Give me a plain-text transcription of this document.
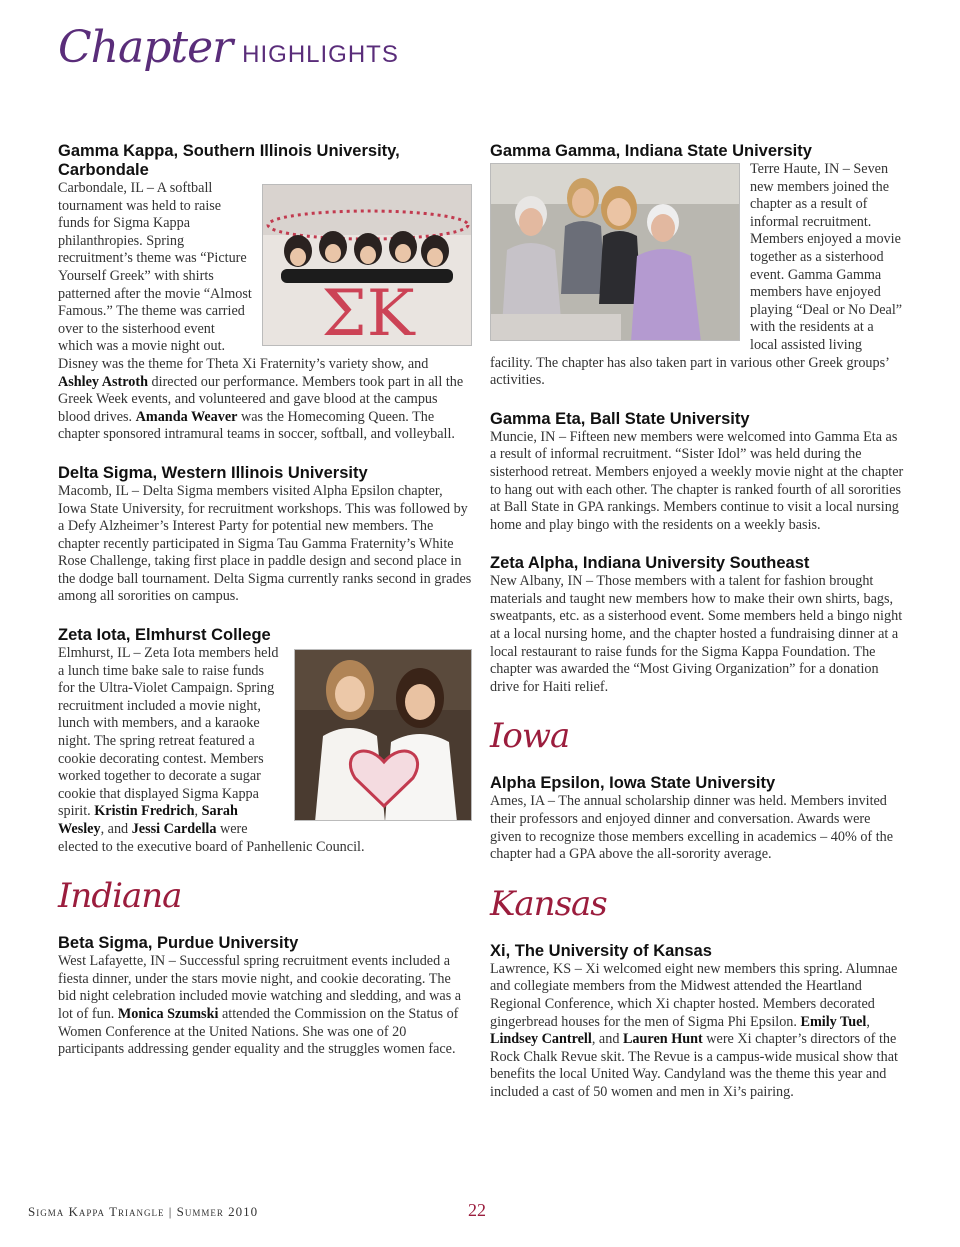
Chapter HIGHLIGHTS
Gamma Kappa, Southern Illinois University, Carbondale
ΣΚ

Carbondale, IL – A softball tournament was held to raise funds for Sigma Kappa philanthropies. Spring recruitment’s theme was “Picture Yourself Greek” with shirts patterned after the movie “Almost Famous.” The theme was carried over to the sisterhood event which was a movie night out. Disney was the theme for Theta Xi Fraternity’s variety show, and Ashley Astroth directed our performance. Members took part in all the Greek Week events, and volunteered and gave blood at the campus blood drives. Amanda Weaver was the Homecoming Queen. The chapter sponsored intramural teams in soccer, softball, and volleyball.

Delta Sigma, Western Illinois University

Macomb, IL – Delta Sigma members visited Alpha Epsilon chapter, Iowa State University, for recruitment workshops. This was followed by a Defy Alzheimer’s Interest Party for potential new members. The chapter recently participated in Sigma Tau Gamma Fraternity’s White Rose Challenge, taking first place in paddle design and second place in the dodge ball tournament. Delta Sigma currently ranks second in grades among all sororities on campus.

Zeta Iota, Elmhurst College

Elmhurst, IL – Zeta Iota members held a lunch time bake sale to raise funds for the Ultra-Violet Campaign. Spring recruitment included a movie night, lunch with members, and a karaoke night. The spring retreat featured a cookie decorating contest. Members worked together to decorate a sugar cookie that displayed Sigma Kappa spirit. Kristin Fredrich, Sarah Wesley, and Jessi Cardella were elected to the executive board of Panhellenic Council.

Indiana
Beta Sigma, Purdue University

West Lafayette, IN – Successful spring recruitment events included a fiesta dinner, under the stars movie night, and cookie decorating. The bid night celebration included movie watching and sledding, and was a lot of fun. Monica Szumski attended the Commission on the Status of Women Conference at the United Nations. She was one of 20 participants addressing gender equality and the struggles women face.

Gamma Gamma, Indiana State University

Terre Haute, IN – Seven new members joined the chapter as a result of informal recruitment. Members enjoyed a movie together as a sisterhood event. Gamma Gamma members have enjoyed playing “Deal or No Deal” with the residents at a local assisted living facility. The chapter has also taken part in various other Greek groups’ activities.

Gamma Eta, Ball State University

Muncie, IN – Fifteen new members were welcomed into Gamma Eta as a result of informal recruitment. “Sister Idol” was held during the sisterhood retreat. Members enjoyed a weekly movie night at the chapter to hang out with each other. The chapter is ranked fourth of all sororities at Ball State in GPA rankings. Members continue to visit a local nursing home and play bingo with the residents on a weekly basis.

Zeta Alpha, Indiana University Southeast

New Albany, IN – Those members with a talent for fashion brought materials and taught new members how to make their own shirts, bags, sweatpants, etc. as a sisterhood event. Some members held a bingo night at a local nursing home, and the chapter hosted a fundraising dinner at a local restaurant to raise funds for the Sigma Kappa Foundation. The chapter was awarded the “Most Giving Organization” for a donation drive for Haiti relief.

Iowa
Alpha Epsilon, Iowa State University

Ames, IA – The annual scholarship dinner was held. Members invited their professors and enjoyed dinner and conversation. Awards were given to recognize those members excelling in academics – 40% of the chapter had a GPA above the all-sorority average.

Kansas
Xi, The University of Kansas

Lawrence, KS – Xi welcomed eight new members this spring. Alumnae and collegiate members from the Midwest attended the Heartland Regional Conference, which Xi chapter hosted. Members decorated gingerbread houses for the men of Sigma Phi Epsilon. Emily Tuel, Lindsey Cantrell, and Lauren Hunt were Xi chapter’s directors of the Rock Chalk Revue skit. The Revue is a campus-wide musical show that benefits the local United Way. Candyland was the theme this year and included a cast of 50 women and men in Xi’s pairing.

Sigma Kappa Triangle | Summer 2010	22
